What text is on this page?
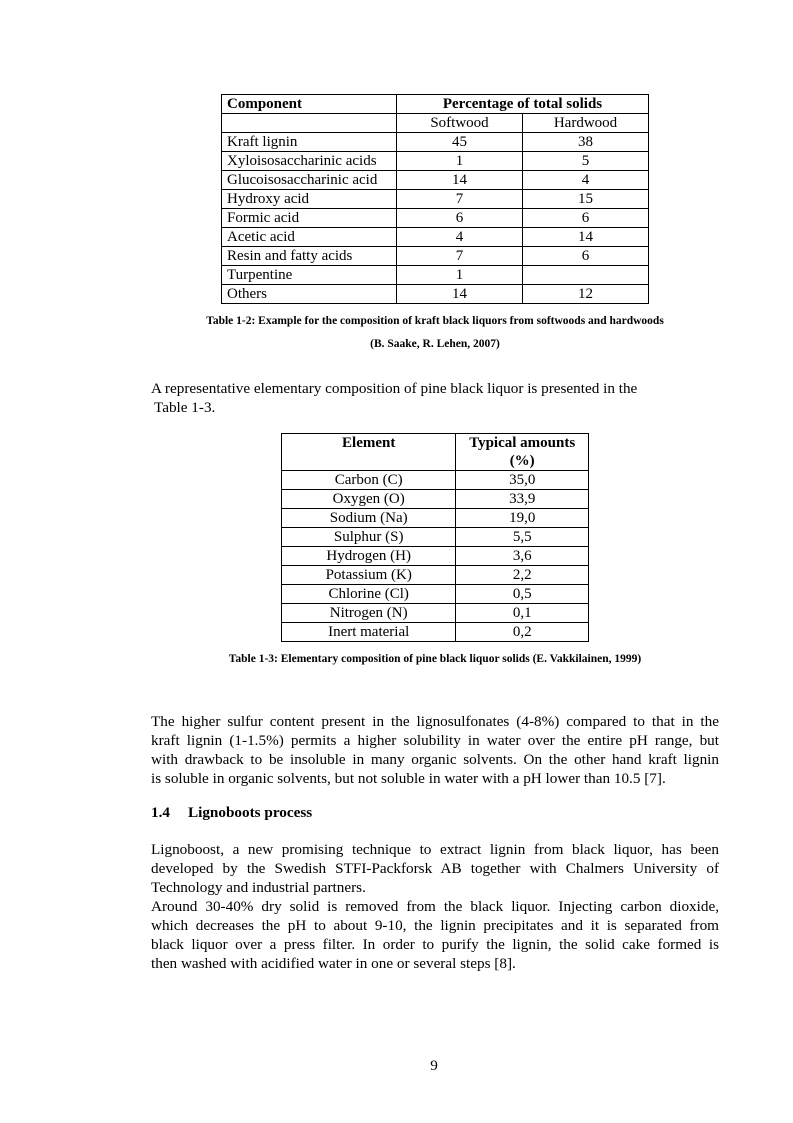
Component	Percentage of total solids	
	Softwood	Hardwood
Kraft lignin	45	38
Xyloisosaccharinic acids	1	5
Glucoisosaccharinic acid	14	4
Hydroxy acid	7	15
Formic acid	6	6
Acetic acid	4	14
Resin and fatty acids	7	6
Turpentine	1	
Others	14	12
Table 1-2: Example for the composition of kraft black liquors from softwoods and hardwoods
(B. Saake, R. Lehen, 2007)
A representative elementary composition of pine black liquor is presented in the
Table 1-3.
Element	Typical amounts
(%)

Carbon (C)	35,0
Oxygen (O)	33,9
Sodium (Na)	19,0
Sulphur (S)	5,5
Hydrogen (H)	3,6
Potassium (K)	2,2
Chlorine (Cl)	0,5
Nitrogen (N)	0,1
Inert material	0,2
Table 1-3: Elementary composition of pine black liquor solids (E. Vakkilainen, 1999)
The higher sulfur content present in the lignosulfonates (4-8%) compared to that in the
kraft lignin (1-1.5%) permits a higher solubility in water over the entire pH range, but
with drawback to be insoluble in many organic solvents. On the other hand kraft lignin
is soluble in organic solvents, but not soluble in water with a pH lower than 10.5 [7].
1.4 Lignoboots process
Lignoboost, a new promising technique to extract lignin from black liquor, has been
developed by the Swedish STFI-Packforsk AB together with Chalmers University of
Technology and industrial partners.
Around 30-40% dry solid is removed from the black liquor. Injecting carbon dioxide,
which decreases the pH to about 9-10, the lignin precipitates and it is separated from
black liquor over a press filter. In order to purify the lignin, the solid cake formed is
then washed with acidified water in one or several steps [8].
9
